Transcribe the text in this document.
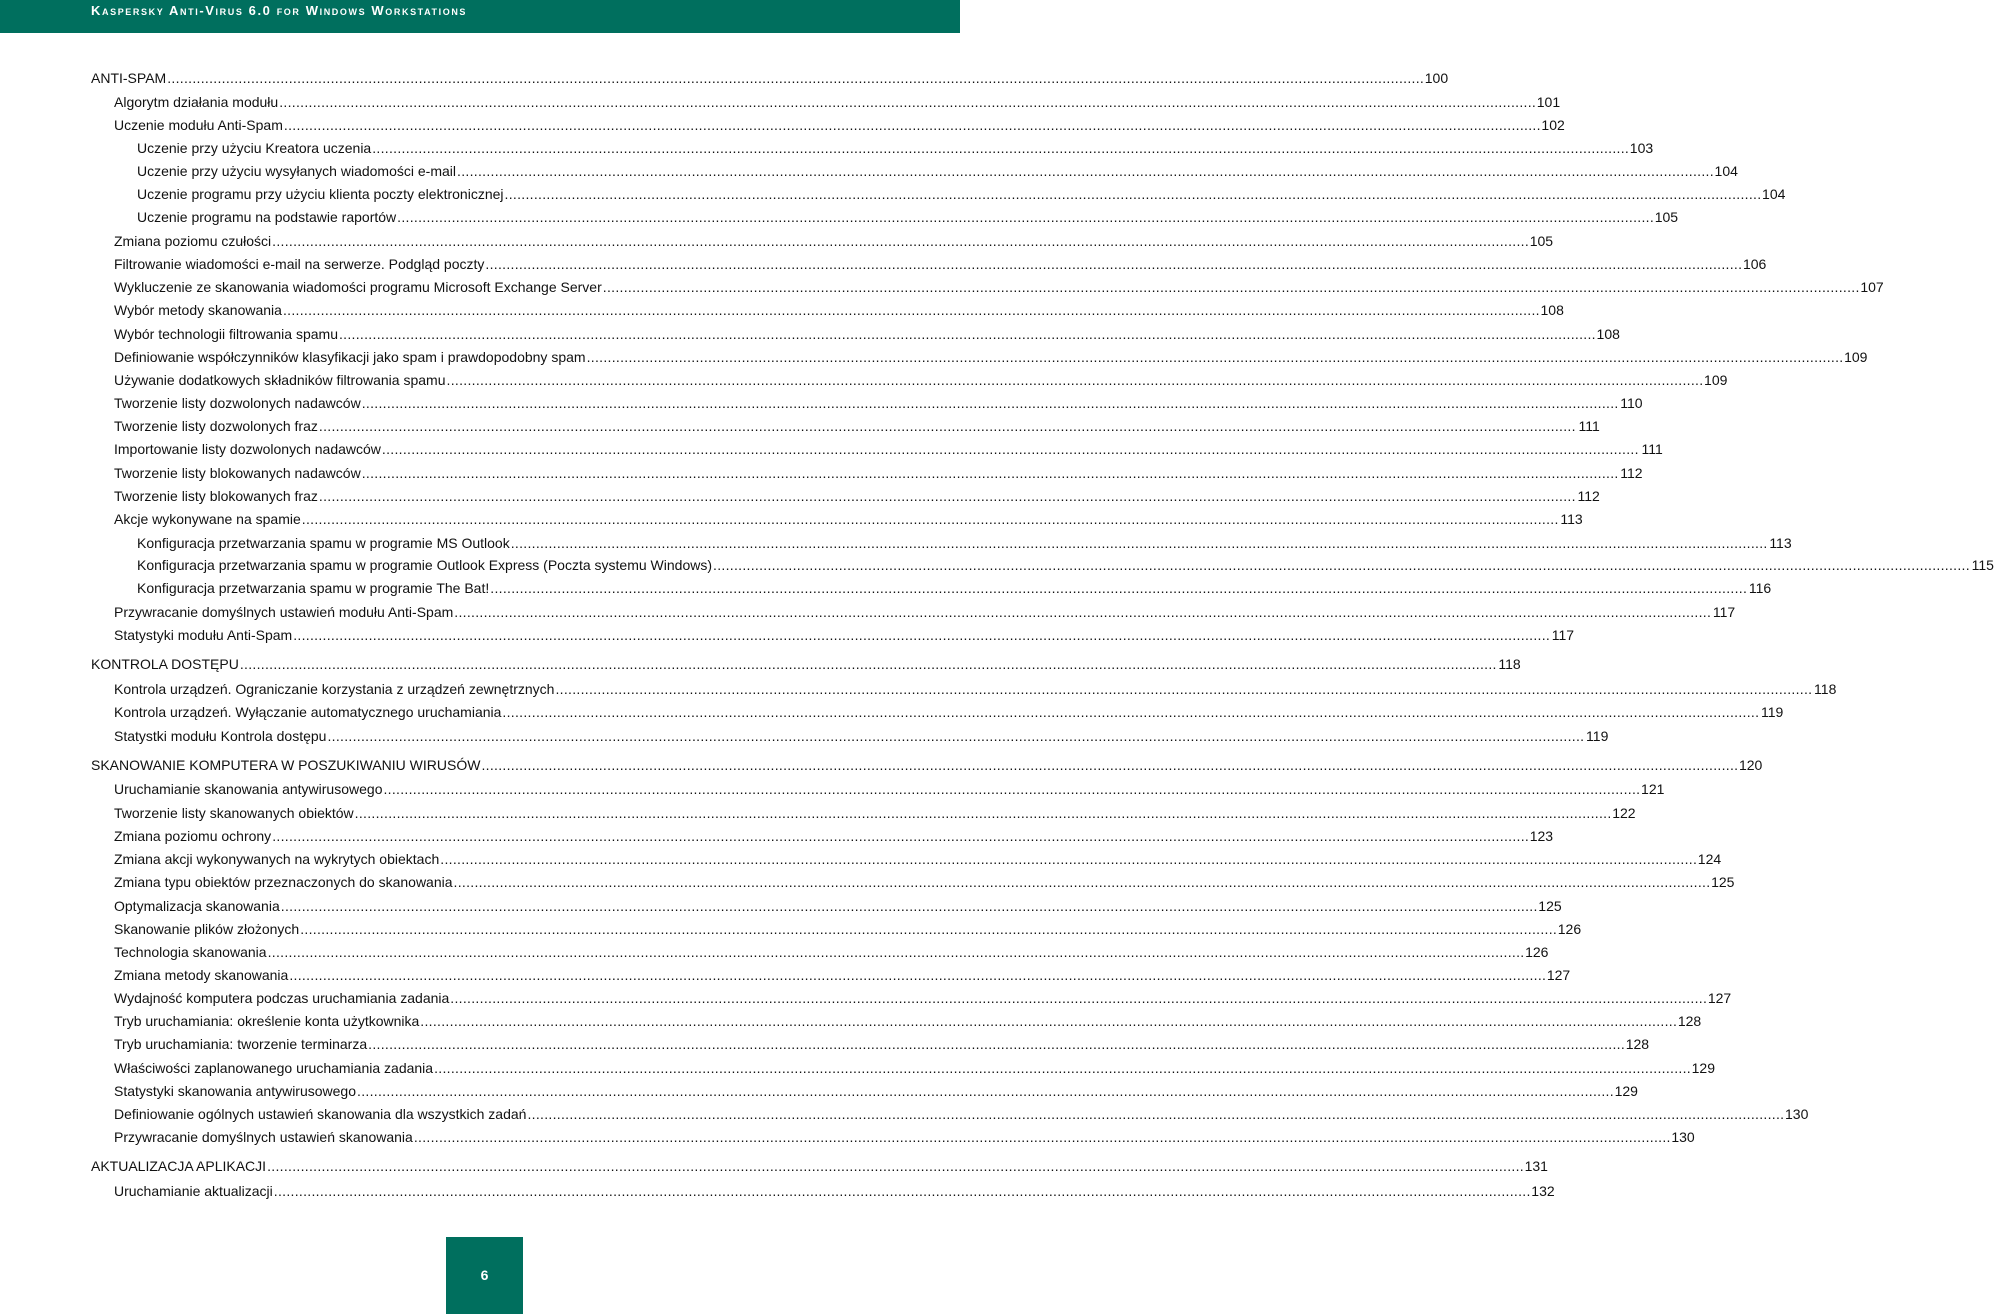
Kaspersky Anti-Virus 6.0 for Windows Workstations
ANTI-SPAM ............................................................................................................................................................................................................................................................................................................ 100
Algorytm działania modułu ............................................................................................................................................................................................................................................................................................................ 101
Uczenie modułu Anti-Spam ............................................................................................................................................................................................................................................................................................................ 102
Uczenie przy użyciu Kreatora uczenia ............................................................................................................................................................................................................................................................................................................ 103
Uczenie przy użyciu wysyłanych wiadomości e-mail ............................................................................................................................................................................................................................................................................................................ 104
Uczenie programu przy użyciu klienta poczty elektronicznej ............................................................................................................................................................................................................................................................................................................ 104
Uczenie programu na podstawie raportów ............................................................................................................................................................................................................................................................................................................ 105
Zmiana poziomu czułości ............................................................................................................................................................................................................................................................................................................ 105
Filtrowanie wiadomości e-mail na serwerze. Podgląd poczty ............................................................................................................................................................................................................................................................................................................ 106
Wykluczenie ze skanowania wiadomości programu Microsoft Exchange Server ............................................................................................................................................................................................................................................................................................................ 107
Wybór metody skanowania ............................................................................................................................................................................................................................................................................................................ 108
Wybór technologii filtrowania spamu ............................................................................................................................................................................................................................................................................................................ 108
Definiowanie współczynników klasyfikacji jako spam i prawdopodobny spam ............................................................................................................................................................................................................................................................................................................ 109
Używanie dodatkowych składników filtrowania spamu ............................................................................................................................................................................................................................................................................................................ 109
Tworzenie listy dozwolonych nadawców ............................................................................................................................................................................................................................................................................................................ 110
Tworzenie listy dozwolonych fraz ............................................................................................................................................................................................................................................................................................................ 111
Importowanie listy dozwolonych nadawców ............................................................................................................................................................................................................................................................................................................ 111
Tworzenie listy blokowanych nadawców ............................................................................................................................................................................................................................................................................................................ 112
Tworzenie listy blokowanych fraz ............................................................................................................................................................................................................................................................................................................ 112
Akcje wykonywane na spamie ............................................................................................................................................................................................................................................................................................................ 113
Konfiguracja przetwarzania spamu w programie MS Outlook ............................................................................................................................................................................................................................................................................................................ 113
Konfiguracja przetwarzania spamu w programie Outlook Express (Poczta systemu Windows) ............................................................................................................................................................................................................................................................................................................ 115
Konfiguracja przetwarzania spamu w programie The Bat! ............................................................................................................................................................................................................................................................................................................ 116
Przywracanie domyślnych ustawień modułu Anti-Spam ............................................................................................................................................................................................................................................................................................................ 117
Statystyki modułu Anti-Spam ............................................................................................................................................................................................................................................................................................................ 117
KONTROLA DOSTĘPU ............................................................................................................................................................................................................................................................................................................ 118
Kontrola urządzeń. Ograniczanie korzystania z urządzeń zewnętrznych ............................................................................................................................................................................................................................................................................................................ 118
Kontrola urządzeń. Wyłączanie automatycznego uruchamiania ............................................................................................................................................................................................................................................................................................................ 119
Statystki modułu Kontrola dostępu ............................................................................................................................................................................................................................................................................................................ 119
SKANOWANIE KOMPUTERA W POSZUKIWANIU WIRUSÓW ............................................................................................................................................................................................................................................................................................................ 120
Uruchamianie skanowania antywirusowego ............................................................................................................................................................................................................................................................................................................ 121
Tworzenie listy skanowanych obiektów ............................................................................................................................................................................................................................................................................................................ 122
Zmiana poziomu ochrony ............................................................................................................................................................................................................................................................................................................ 123
Zmiana akcji wykonywanych na wykrytych obiektach ............................................................................................................................................................................................................................................................................................................ 124
Zmiana typu obiektów przeznaczonych do skanowania ............................................................................................................................................................................................................................................................................................................ 125
Optymalizacja skanowania ............................................................................................................................................................................................................................................................................................................ 125
Skanowanie plików złożonych ............................................................................................................................................................................................................................................................................................................ 126
Technologia skanowania ............................................................................................................................................................................................................................................................................................................ 126
Zmiana metody skanowania ............................................................................................................................................................................................................................................................................................................ 127
Wydajność komputera podczas uruchamiania zadania ............................................................................................................................................................................................................................................................................................................ 127
Tryb uruchamiania: określenie konta użytkownika ............................................................................................................................................................................................................................................................................................................ 128
Tryb uruchamiania: tworzenie terminarza ............................................................................................................................................................................................................................................................................................................ 128
Właściwości zaplanowanego uruchamiania zadania ............................................................................................................................................................................................................................................................................................................ 129
Statystyki skanowania antywirusowego ............................................................................................................................................................................................................................................................................................................ 129
Definiowanie ogólnych ustawień skanowania dla wszystkich zadań ............................................................................................................................................................................................................................................................................................................ 130
Przywracanie domyślnych ustawień skanowania ............................................................................................................................................................................................................................................................................................................ 130
AKTUALIZACJA APLIKACJI ............................................................................................................................................................................................................................................................................................................ 131
Uruchamianie aktualizacji ............................................................................................................................................................................................................................................................................................................ 132
6
